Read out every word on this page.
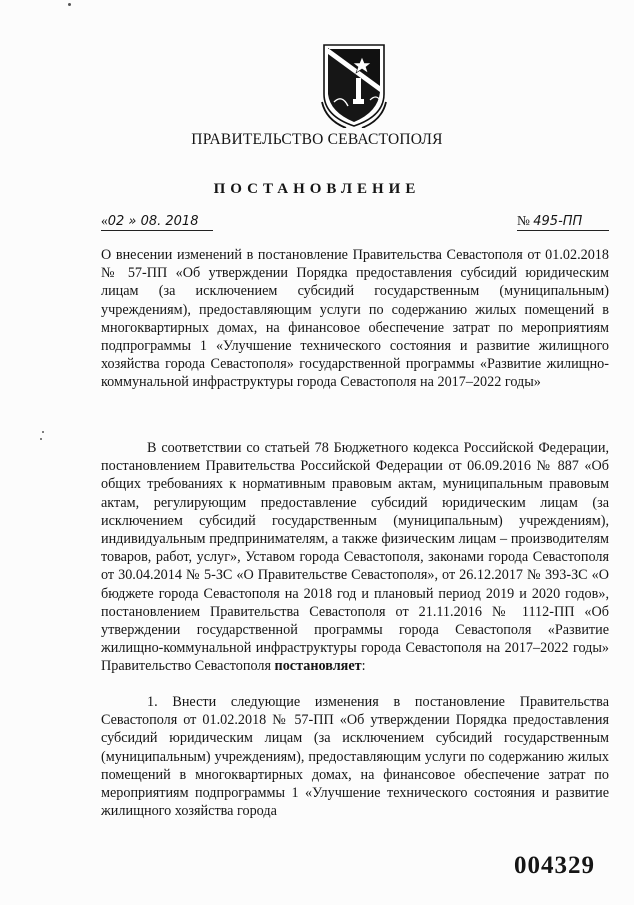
ПРАВИТЕЛЬСТВО СЕВАСТОПОЛЯ
ПОСТАНОВЛЕНИЕ
«02 » 08. 2018	№ 495-ПП
О внесении изменений в постановление Правительства Севастополя от 01.02.2018 № 57-ПП «Об утверждении Порядка предоставления субсидий юридическим лицам (за исключением субсидий государственным (муниципальным) учреждениям), предоставляющим услуги по содержанию жилых помещений в многоквартирных домах, на финансовое обеспечение затрат по мероприятиям подпрограммы 1 «Улучшение технического состояния и развитие жилищного хозяйства города Севастополя» государственной программы «Развитие жилищно-коммунальной инфраструктуры города Севастополя на 2017–2022 годы»
В соответствии со статьей 78 Бюджетного кодекса Российской Федерации, постановлением Правительства Российской Федерации от 06.09.2016 № 887 «Об общих требованиях к нормативным правовым актам, муниципальным правовым актам, регулирующим предоставление субсидий юридическим лицам (за исключением субсидий государственным (муниципальным) учреждениям), индивидуальным предпринимателям, а также физическим лицам – производителям товаров, работ, услуг», Уставом города Севастополя, законами города Севастополя от 30.04.2014 № 5-ЗС «О Правительстве Севастополя», от 26.12.2017 № 393-ЗС «О бюджете города Севастополя на 2018 год и плановый период 2019 и 2020 годов», постановлением Правительства Севастополя от 21.11.2016 № 1112-ПП «Об утверждении государственной программы города Севастополя «Развитие жилищно-коммунальной инфраструктуры города Севастополя на 2017–2022 годы» Правительство Севастополя постановляет:
1. Внести следующие изменения в постановление Правительства Севастополя от 01.02.2018 № 57-ПП «Об утверждении Порядка предоставления субсидий юридическим лицам (за исключением субсидий государственным (муниципальным) учреждениям), предоставляющим услуги по содержанию жилых помещений в многоквартирных домах, на финансовое обеспечение затрат по мероприятиям подпрограммы 1 «Улучшение технического состояния и развитие жилищного хозяйства города
004329
